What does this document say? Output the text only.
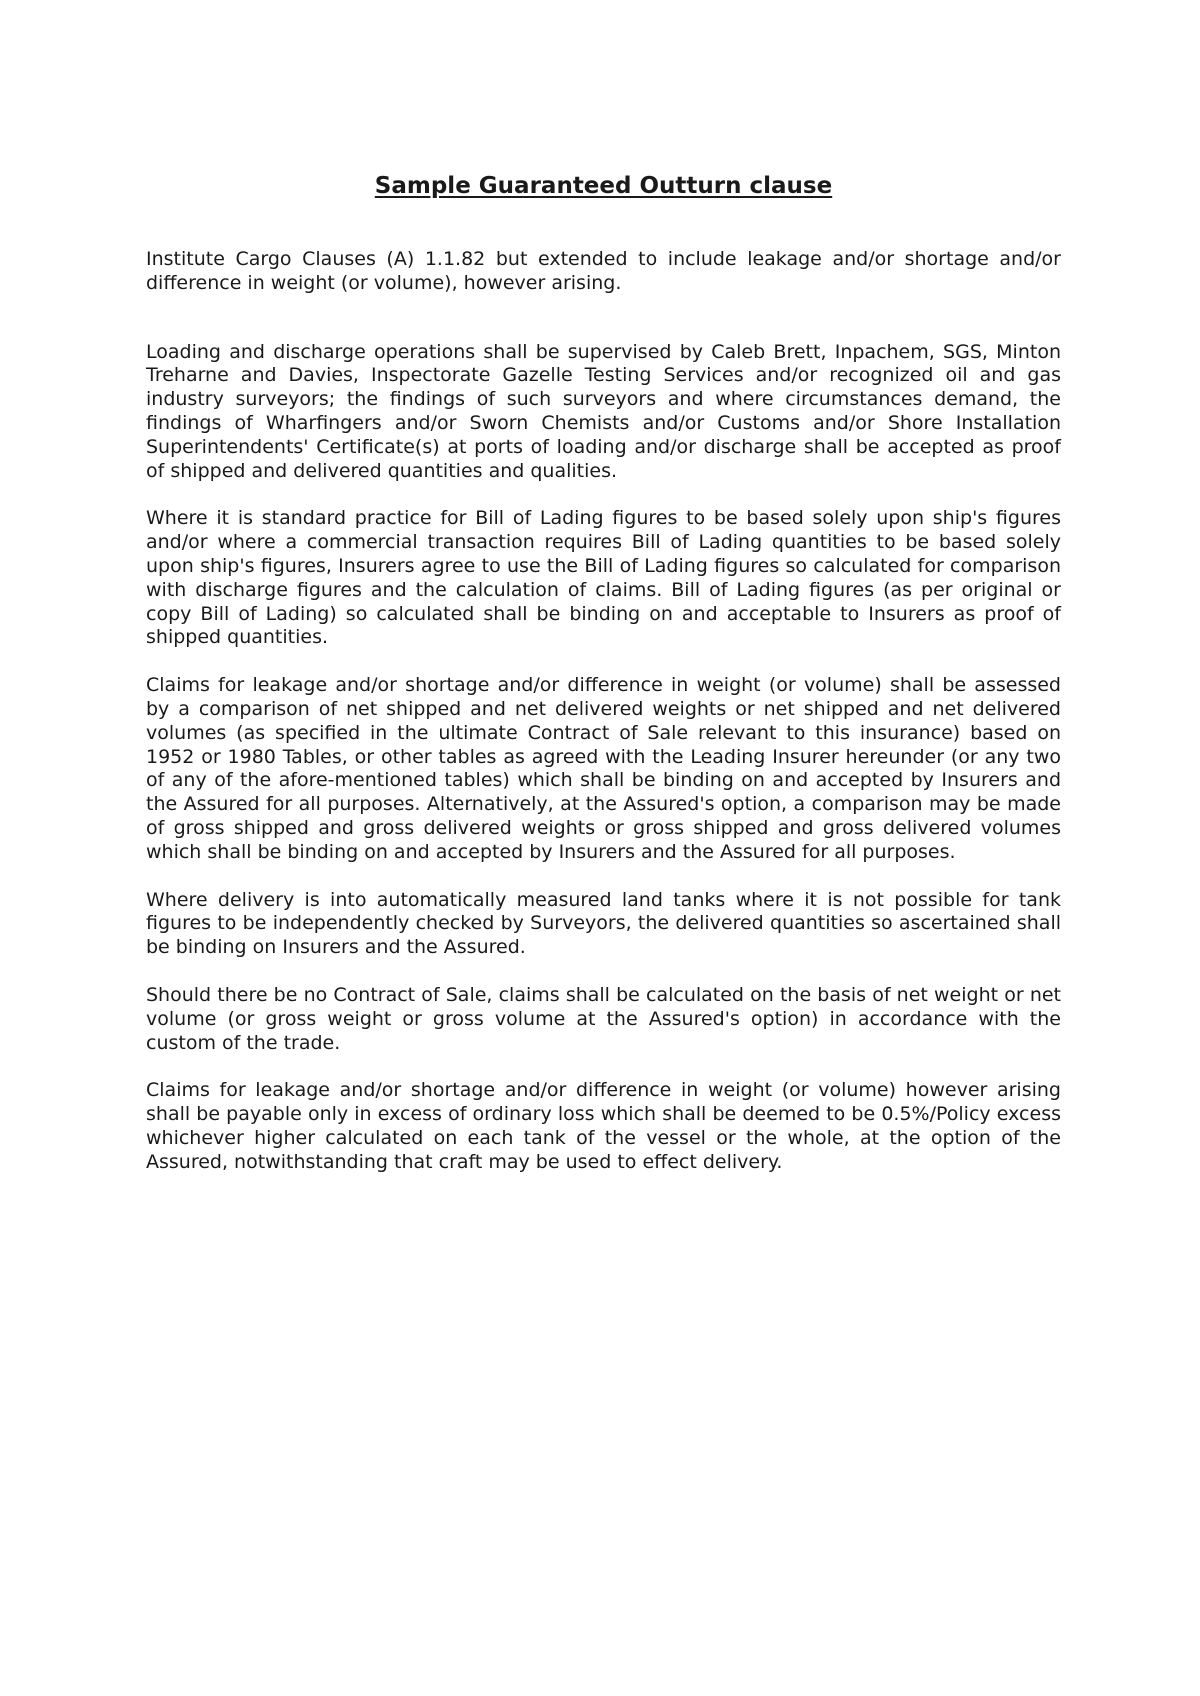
Sample Guaranteed Outturn clause

Institute Cargo Clauses (A) 1.1.82 but extended to include leakage and/or shortage and/or difference in weight (or volume), however arising.

Loading and discharge operations shall be supervised by Caleb Brett, Inpachem, SGS, Minton Treharne and Davies, Inspectorate Gazelle Testing Services and/or recognized oil and gas industry surveyors; the findings of such surveyors and where circumstances demand, the findings of Wharfingers and/or Sworn Chemists and/or Customs and/or Shore Installation Superintendents' Certificate(s) at ports of loading and/or discharge shall be accepted as proof of shipped and delivered quantities and qualities.

Where it is standard practice for Bill of Lading figures to be based solely upon ship's figures and/or where a commercial transaction requires Bill of Lading quantities to be based solely upon ship's figures, Insurers agree to use the Bill of Lading figures so calculated for comparison with discharge figures and the calculation of claims. Bill of Lading figures (as per original or copy Bill of Lading) so calculated shall be binding on and acceptable to Insurers as proof of shipped quantities.

Claims for leakage and/or shortage and/or difference in weight (or volume) shall be assessed by a comparison of net shipped and net delivered weights or net shipped and net delivered volumes (as specified in the ultimate Contract of Sale relevant to this insurance) based on 1952 or 1980 Tables, or other tables as agreed with the Leading Insurer hereunder (or any two of any of the afore-mentioned tables) which shall be binding on and accepted by Insurers and the Assured for all purposes. Alternatively, at the Assured's option, a comparison may be made of gross shipped and gross delivered weights or gross shipped and gross delivered volumes which shall be binding on and accepted by Insurers and the Assured for all purposes.

Where delivery is into automatically measured land tanks where it is not possible for tank figures to be independently checked by Surveyors, the delivered quantities so ascertained shall be binding on Insurers and the Assured.

Should there be no Contract of Sale, claims shall be calculated on the basis of net weight or net volume (or gross weight or gross volume at the Assured's option) in accordance with the custom of the trade.

Claims for leakage and/or shortage and/or difference in weight (or volume) however arising shall be payable only in excess of ordinary loss which shall be deemed to be 0.5%/Policy excess whichever higher calculated on each tank of the vessel or the whole, at the option of the Assured, notwithstanding that craft may be used to effect delivery.
